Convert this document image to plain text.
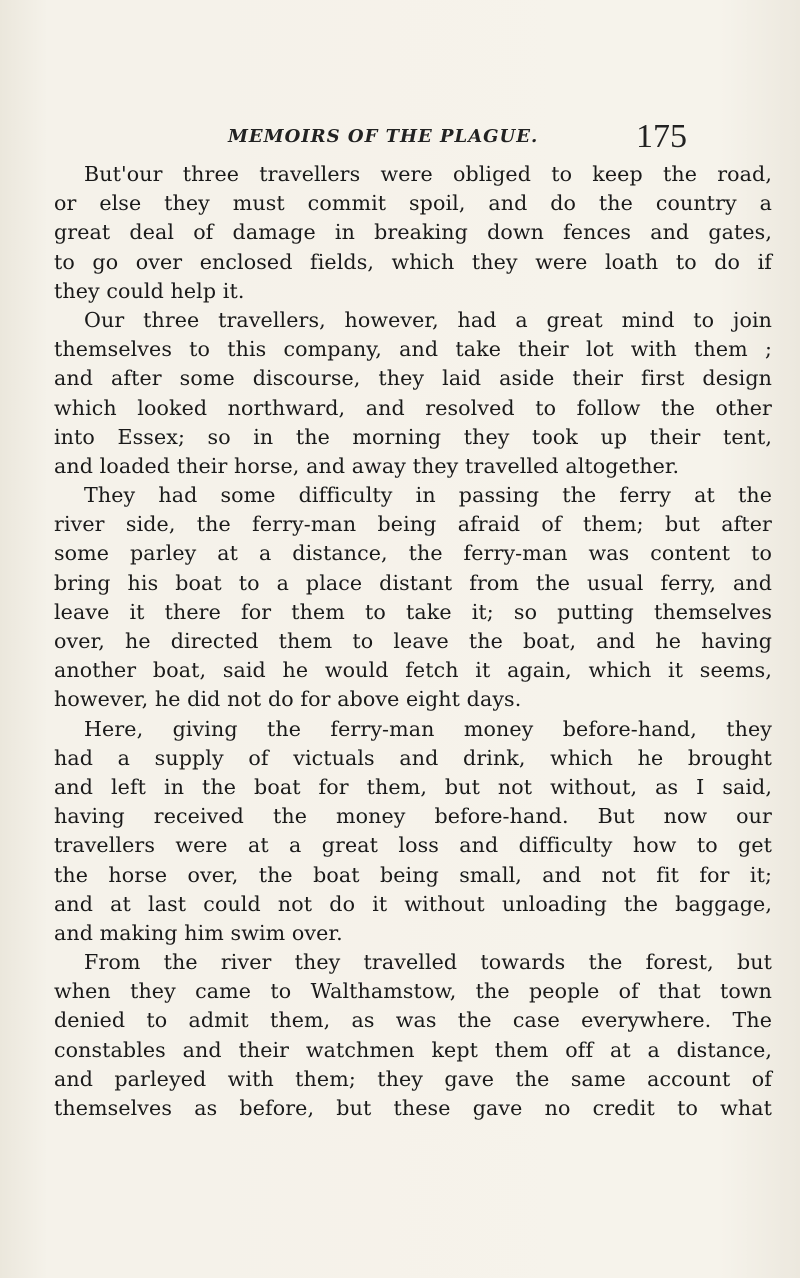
MEMOIRS OF THE PLAGUE.	175
But'our three travellers were obliged to keep the road,
or else they must commit spoil, and do the country a
great deal of damage in breaking down fences and gates,
to go over enclosed fields, which they were loath to do if
they could help it.
Our three travellers, however, had a great mind to join
themselves to this company, and take their lot with them ;
and after some discourse, they laid aside their first design
which looked northward, and resolved to follow the other
into Essex; so in the morning they took up their tent,
and loaded their horse, and away they travelled altogether.
They had some difficulty in passing the ferry at the
river side, the ferry-man being afraid of them; but after
some parley at a distance, the ferry-man was content to
bring his boat to a place distant from the usual ferry, and
leave it there for them to take it; so putting themselves
over, he directed them to leave the boat, and he having
another boat, said he would fetch it again, which it seems,
however, he did not do for above eight days.
Here, giving the ferry-man money before-hand, they
had a supply of victuals and drink, which he brought
and left in the boat for them, but not without, as I said,
having received the money before-hand. But now our
travellers were at a great loss and difficulty how to get
the horse over, the boat being small, and not fit for it;
and at last could not do it without unloading the baggage,
and making him swim over.
From the river they travelled towards the forest, but
when they came to Walthamstow, the people of that town
denied to admit them, as was the case everywhere. The
constables and their watchmen kept them off at a distance,
and parleyed with them; they gave the same account of
themselves as before, but these gave no credit to what
